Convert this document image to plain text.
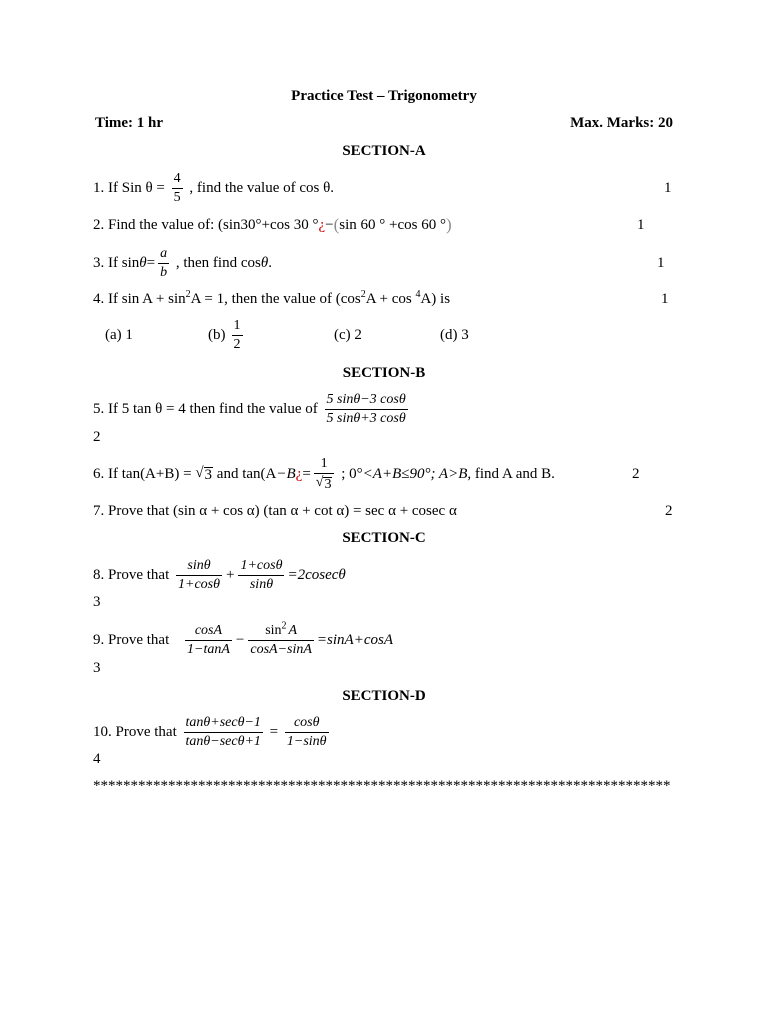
Practice Test – Trigonometry
Time: 1 hr	Max. Marks: 20
SECTION-A
1. If Sin $\theta = \frac{4}{5}$ , find the value of cos θ.	1
2. Find the value of: (sin30°+cos 30 ° ¿ − ( sin 60 ° +cos 60 ° )	1
3. If $\sin \theta = \frac{a}{b}$ , then find cos θ .	1
4. If $\sin A + \sin^2A = 1$, then the value of $(\cos^2A + \cos ^4A)$ is	1
(a) 1	$(b) \frac{1}{2}$	(c) 2	(d) 3
SECTION-B
5. If 5 tan θ = 4 then find the value of $\frac{5 \sin\theta-3 \cos\theta}{5 \sin\theta+3 \cos\theta}$
2
6. If tan(A+B) = √ 3 and tan(A −B ¿ = $\frac{1}{√ 3}$ ; 0° <A+B≤90°; A>B , find A and B.	2
7. Prove that (sin α + cos α) (tan α + cot α) = sec α + cosec α	2
SECTION-C
8. Prove that $\frac{\sin\theta}{1+\cos\theta} + \frac{1+\cos\theta}{\sin\theta} =2cosec\theta$
3
9. Prove that $\frac{\cos A}{1-\tan A} - \frac{\sin^2 A}{\cos A-\sin A} =\sin A+\cos A$
3
SECTION-D
10. Prove that $\frac{\tan\theta+\sec\theta-1}{\tan\theta-\sec\theta+1} = \frac{\cos\theta}{1-\sin\theta}$
4
*****************************************************************************
